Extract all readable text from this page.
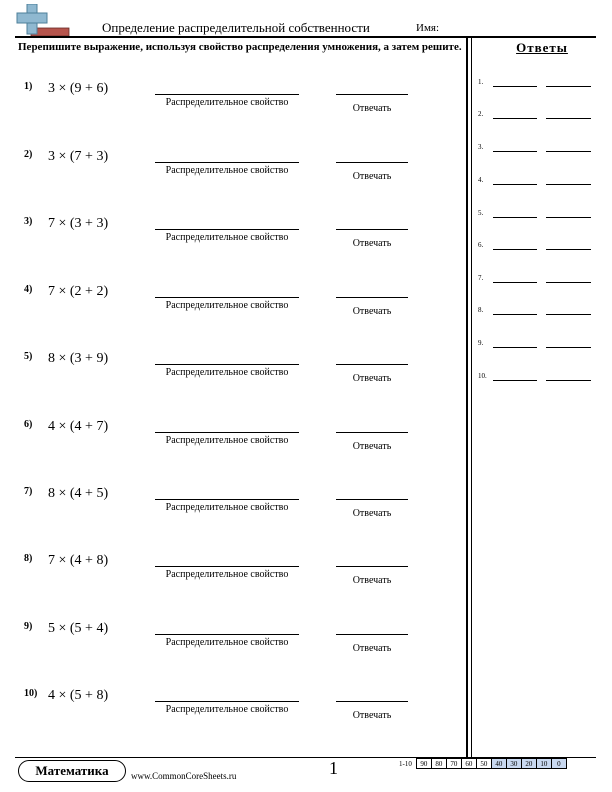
Определение распределительной собственности	Имя:
Перепишите выражение, используя свойство распределения умножения, а затем решите.	Ответы
1) 3 × (9 + 6)
Распределительное свойство
Отвечать
2) 3 × (7 + 3)
Распределительное свойство
Отвечать
3) 7 × (3 + 3)
Распределительное свойство
Отвечать
4) 7 × (2 + 2)
Распределительное свойство
Отвечать
5) 8 × (3 + 9)
Распределительное свойство
Отвечать
6) 4 × (4 + 7)
Распределительное свойство
Отвечать
7) 8 × (4 + 5)
Распределительное свойство
Отвечать
8) 7 × (4 + 8)
Распределительное свойство
Отвечать
9) 5 × (5 + 4)
Распределительное свойство
Отвечать
10) 4 × (5 + 8)
Распределительное свойство
Отвечать
1.
2.
3.
4.
5.
6.
7.
8.
9.
10.
Математика	www.CommonCoreSheets.ru	1	1-10	90	80	70	60	50	40	30	20	10	0
